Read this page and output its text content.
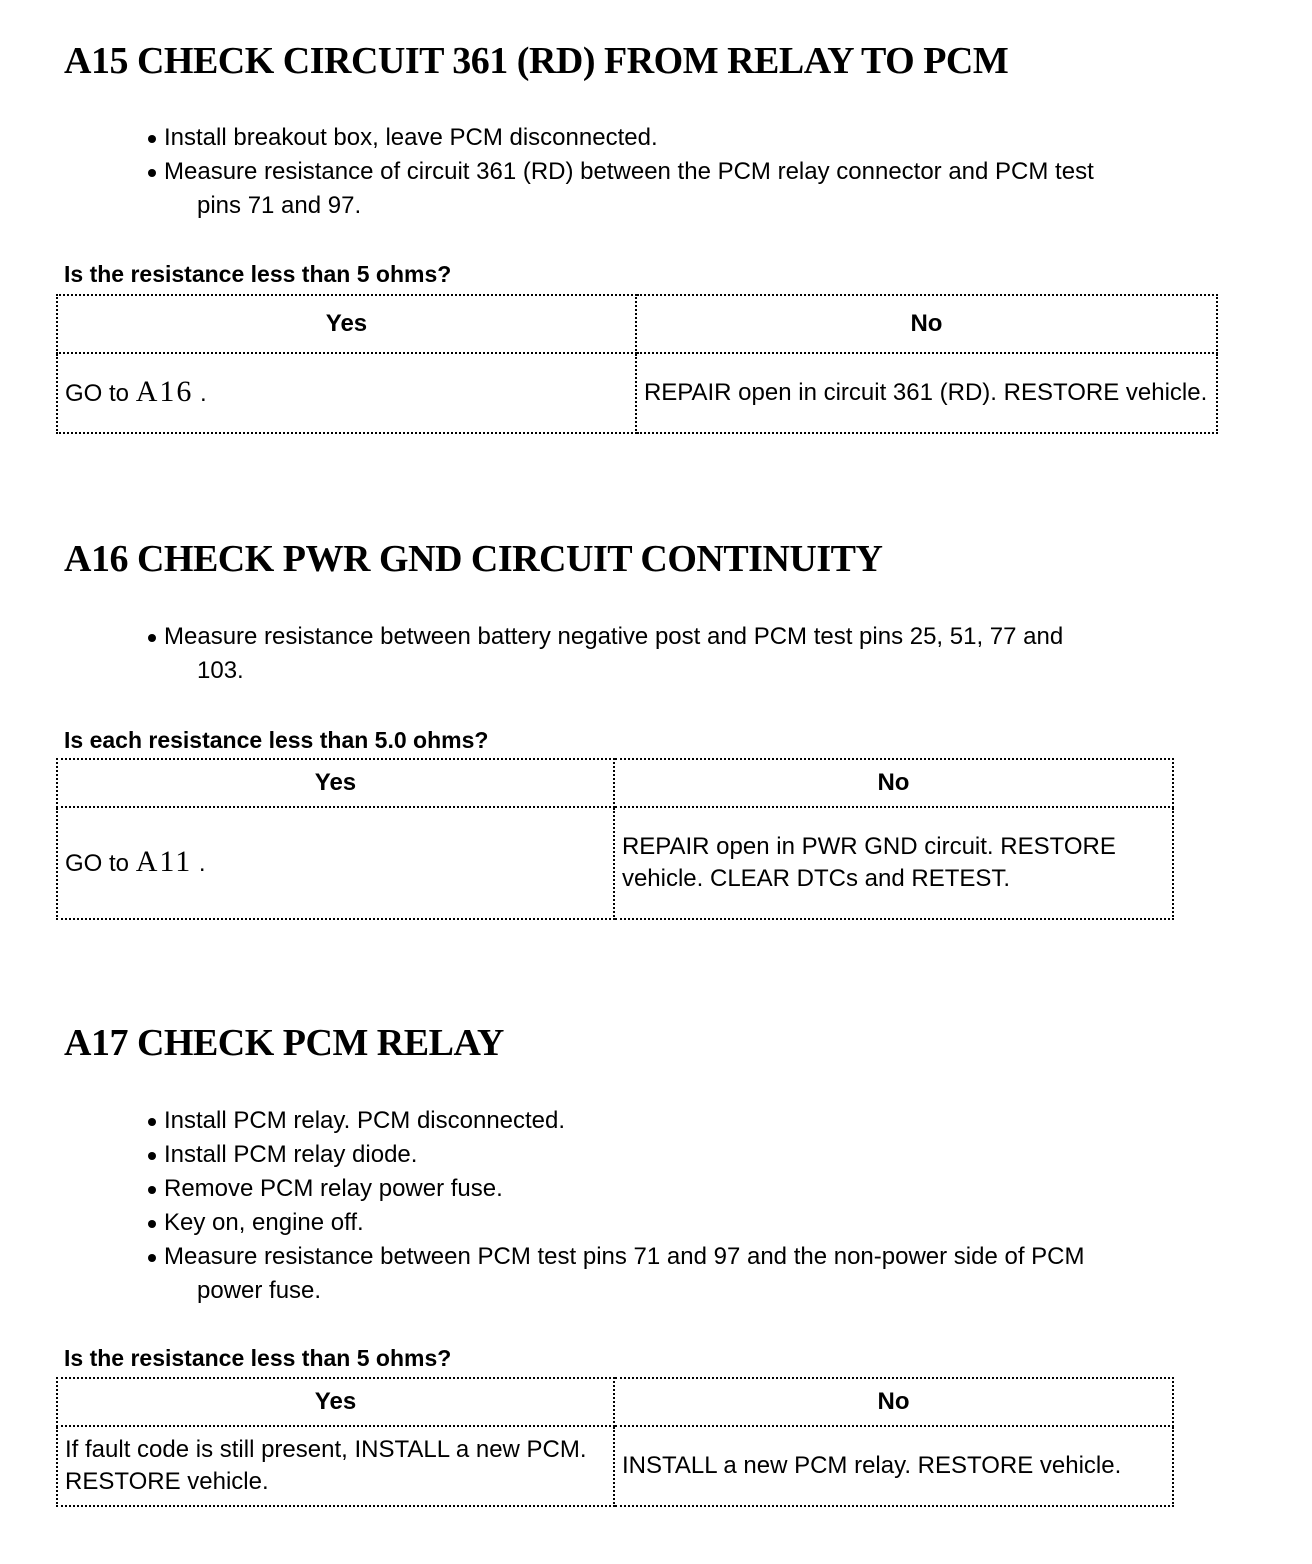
A15 CHECK CIRCUIT 361 (RD) FROM RELAY TO PCM
Install breakout box, leave PCM disconnected.
Measure resistance of circuit 361 (RD) between the PCM relay connector and PCM test
pins 71 and 97.

Is the resistance less than 5 ohms?

Yes	No
GO to A16 .	REPAIR open in circuit 361 (RD). RESTORE vehicle.
A16 CHECK PWR GND CIRCUIT CONTINUITY
Measure resistance between battery negative post and PCM test pins 25, 51, 77 and
103.

Is each resistance less than 5.0 ohms?

Yes	No
GO to A11 .	REPAIR open in PWR GND circuit. RESTORE vehicle. CLEAR DTCs and RETEST.
A17 CHECK PCM RELAY
Install PCM relay. PCM disconnected.
Install PCM relay diode.
Remove PCM relay power fuse.
Key on, engine off.
Measure resistance between PCM test pins 71 and 97 and the non-power side of PCM
power fuse.

Is the resistance less than 5 ohms?

Yes	No
If fault code is still present, INSTALL a new PCM. RESTORE vehicle.	INSTALL a new PCM relay. RESTORE vehicle.
